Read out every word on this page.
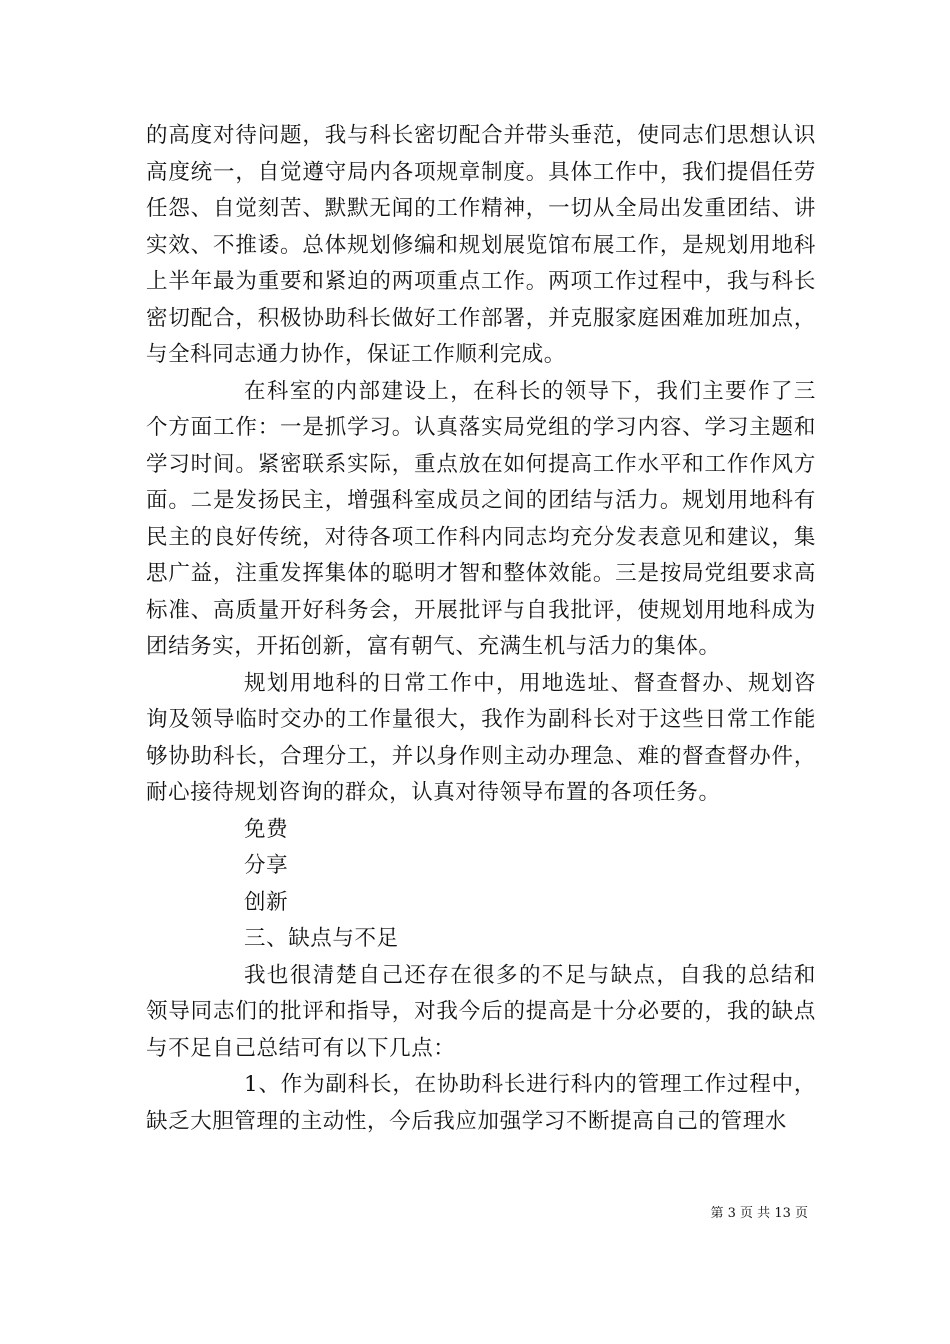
的高度对待问题，我与科长密切配合并带头垂范，使同志们思想认识高度统一，自觉遵守局内各项规章制度。具体工作中，我们提倡任劳任怨、自觉刻苦、默默无闻的工作精神，一切从全局出发重团结、讲实效、不推诿。总体规划修编和规划展览馆布展工作，是规划用地科上半年最为重要和紧迫的两项重点工作。两项工作过程中，我与科长密切配合，积极协助科长做好工作部署，并克服家庭困难加班加点，与全科同志通力协作，保证工作顺利完成。

在科室的内部建设上，在科长的领导下，我们主要作了三个方面工作：一是抓学习。认真落实局党组的学习内容、学习主题和学习时间。紧密联系实际，重点放在如何提高工作水平和工作作风方面。二是发扬民主，增强科室成员之间的团结与活力。规划用地科有民主的良好传统，对待各项工作科内同志均充分发表意见和建议，集思广益，注重发挥集体的聪明才智和整体效能。三是按局党组要求高标准、高质量开好科务会，开展批评与自我批评，使规划用地科成为团结务实，开拓创新，富有朝气、充满生机与活力的集体。

规划用地科的日常工作中，用地选址、督查督办、规划咨询及领导临时交办的工作量很大，我作为副科长对于这些日常工作能够协助科长，合理分工，并以身作则主动办理急、难的督查督办件，耐心接待规划咨询的群众，认真对待领导布置的各项任务。

免费

分享

创新

三、缺点与不足

我也很清楚自己还存在很多的不足与缺点，自我的总结和领导同志们的批评和指导，对我今后的提高是十分必要的，我的缺点与不足自己总结可有以下几点：

1、作为副科长，在协助科长进行科内的管理工作过程中，缺乏大胆管理的主动性，今后我应加强学习不断提高自己的管理水

第 3 页 共 13 页
